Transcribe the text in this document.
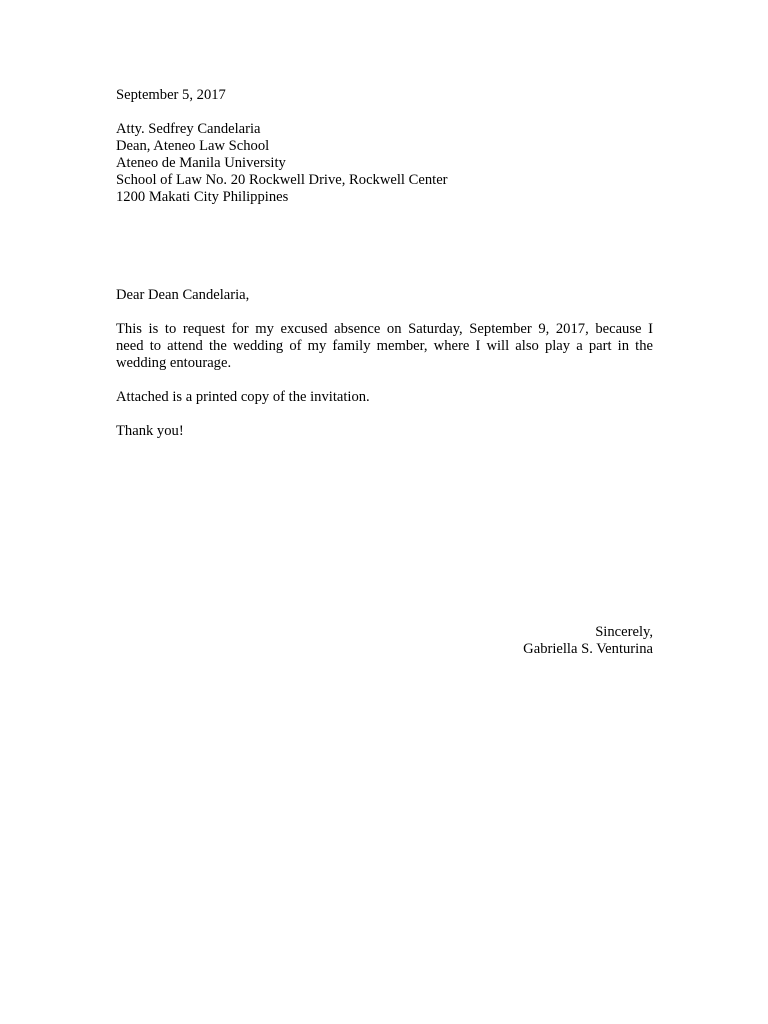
September 5, 2017
Atty. Sedfrey Candelaria
Dean, Ateneo Law School
Ateneo de Manila University
School of Law No. 20 Rockwell Drive, Rockwell Center
1200 Makati City Philippines
Dear Dean Candelaria,
This is to request for my excused absence on Saturday, September 9, 2017, because I
need to attend the wedding of my family member, where I will also play a part in the
wedding entourage.
Attached is a printed copy of the invitation.
Thank you!
Sincerely,
Gabriella S. Venturina
